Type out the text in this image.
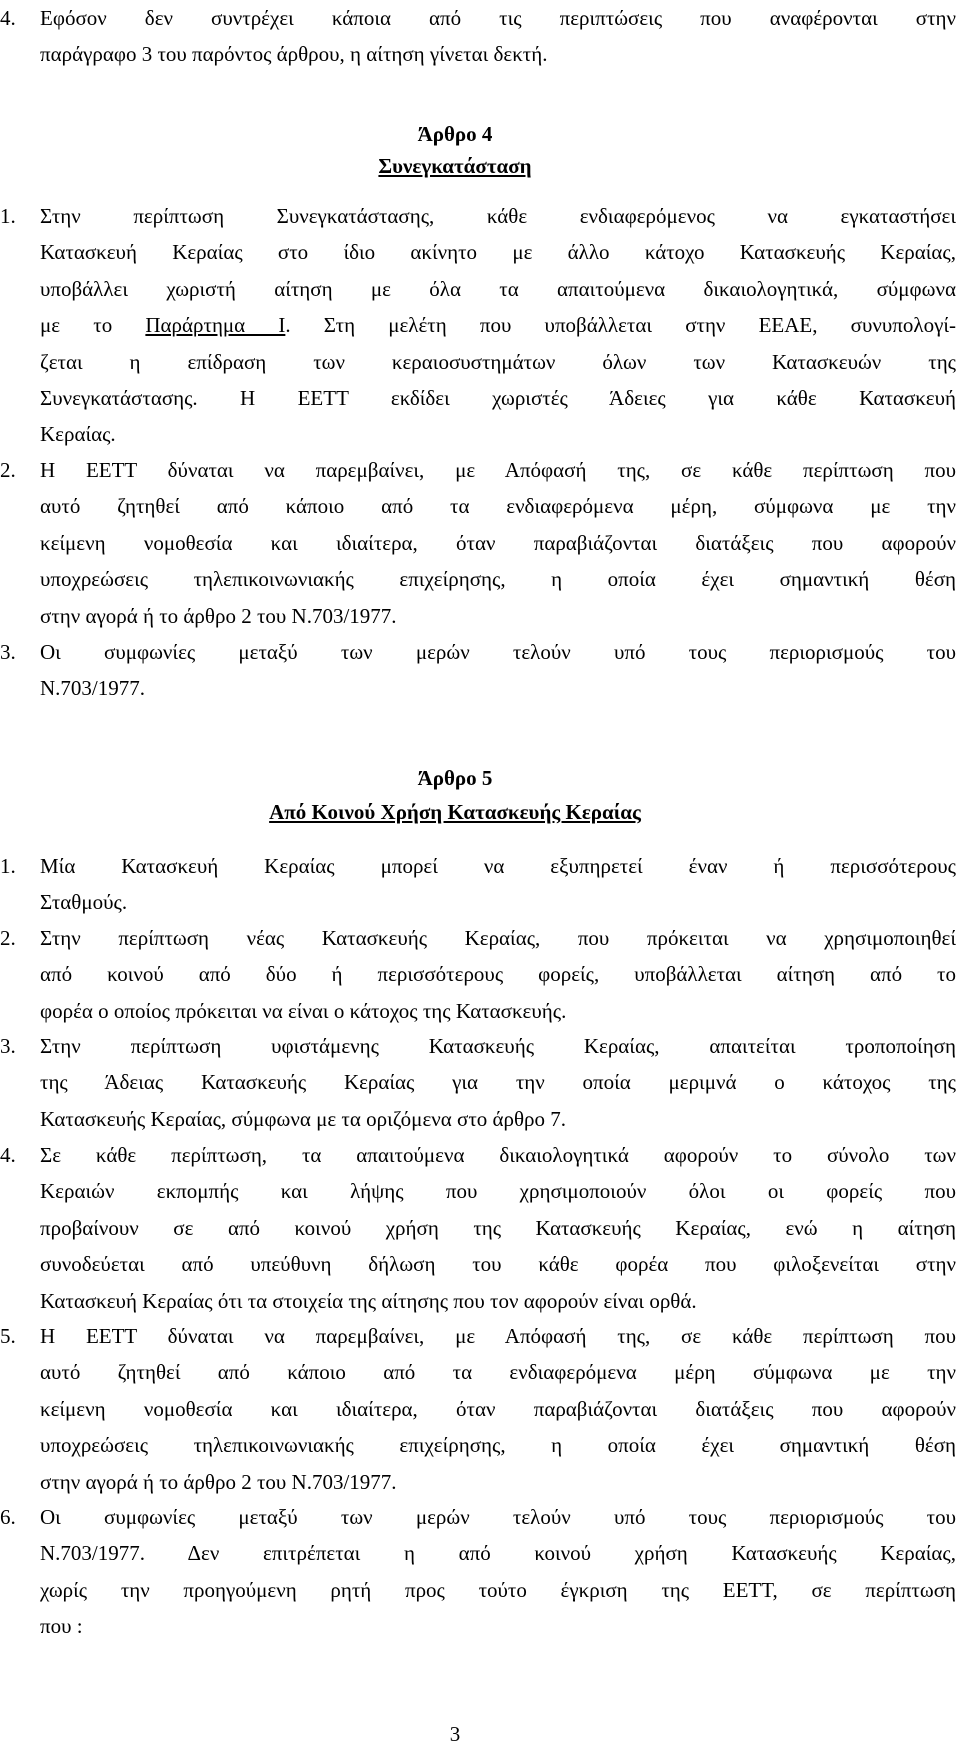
4.	Εφόσον δεν συντρέχει κάποια από τις περιπτώσεις που αναφέρονται στην
παράγραφο 3 του παρόντος άρθρου, η αίτηση γίνεται δεκτή.
Άρθρο 4
Συνεγκατάσταση
1.	Στην περίπτωση Συνεγκατάστασης, κάθε ενδιαφερόμενος να εγκαταστήσει
Κατασκευή Κεραίας στο ίδιο ακίνητο με άλλο κάτοχο Κατασκευής Κεραίας,
υποβάλλει χωριστή αίτηση με όλα τα απαιτούμενα δικαιολογητικά, σύμφωνα
με το Παράρτημα Ι. Στη μελέτη που υποβάλλεται στην ΕΕΑΕ, συνυπολογί-
ζεται η επίδραση των κεραιοσυστημάτων όλων των Κατασκευών της
Συνεγκατάστασης. Η ΕΕΤΤ εκδίδει χωριστές Άδειες για κάθε Κατασκευή
Κεραίας.
2.	Η ΕΕΤΤ δύναται να παρεμβαίνει, με Απόφασή της, σε κάθε περίπτωση που
αυτό ζητηθεί από κάποιο από τα ενδιαφερόμενα μέρη, σύμφωνα με την
κείμενη νομοθεσία και ιδιαίτερα, όταν παραβιάζονται διατάξεις που αφορούν
υποχρεώσεις τηλεπικοινωνιακής επιχείρησης, η οποία έχει σημαντική θέση
στην αγορά ή το άρθρο 2 του Ν.703/1977.
3.	Οι συμφωνίες μεταξύ των μερών τελούν υπό τους περιορισμούς του
Ν.703/1977.
Άρθρο 5
Από Κοινού Χρήση Κατασκευής Κεραίας
1.	Μία Κατασκευή Κεραίας μπορεί να εξυπηρετεί έναν ή περισσότερους
Σταθμούς.
2.	Στην περίπτωση νέας Κατασκευής Κεραίας, που πρόκειται να χρησιμοποιηθεί
από κοινού από δύο ή περισσότερους φορείς, υποβάλλεται αίτηση από το
φορέα ο οποίος πρόκειται να είναι ο κάτοχος της Κατασκευής.
3.	Στην περίπτωση υφιστάμενης Κατασκευής Κεραίας, απαιτείται τροποποίηση
της Άδειας Κατασκευής Κεραίας για την οποία μεριμνά ο κάτοχος της
Κατασκευής Κεραίας, σύμφωνα με τα οριζόμενα στο άρθρο 7.
4.	Σε κάθε περίπτωση, τα απαιτούμενα δικαιολογητικά αφορούν το σύνολο των
Κεραιών εκπομπής και λήψης που χρησιμοποιούν όλοι οι φορείς που
προβαίνουν σε από κοινού χρήση της Κατασκευής Κεραίας, ενώ η αίτηση
συνοδεύεται από υπεύθυνη δήλωση του κάθε φορέα που φιλοξενείται στην
Κατασκευή Κεραίας ότι τα στοιχεία της αίτησης που τον αφορούν είναι ορθά.
5.	Η ΕΕΤΤ δύναται να παρεμβαίνει, με Απόφασή της, σε κάθε περίπτωση που
αυτό ζητηθεί από κάποιο από τα ενδιαφερόμενα μέρη σύμφωνα με την
κείμενη νομοθεσία και ιδιαίτερα, όταν παραβιάζονται διατάξεις που αφορούν
υποχρεώσεις τηλεπικοινωνιακής επιχείρησης, η οποία έχει σημαντική θέση
στην αγορά ή το άρθρο 2 του Ν.703/1977.
6.	Οι συμφωνίες μεταξύ των μερών τελούν υπό τους περιορισμούς του
Ν.703/1977. Δεν επιτρέπεται η από κοινού χρήση Κατασκευής Κεραίας,
χωρίς την προηγούμενη ρητή προς τούτο έγκριση της ΕΕΤΤ, σε περίπτωση
που :
3
